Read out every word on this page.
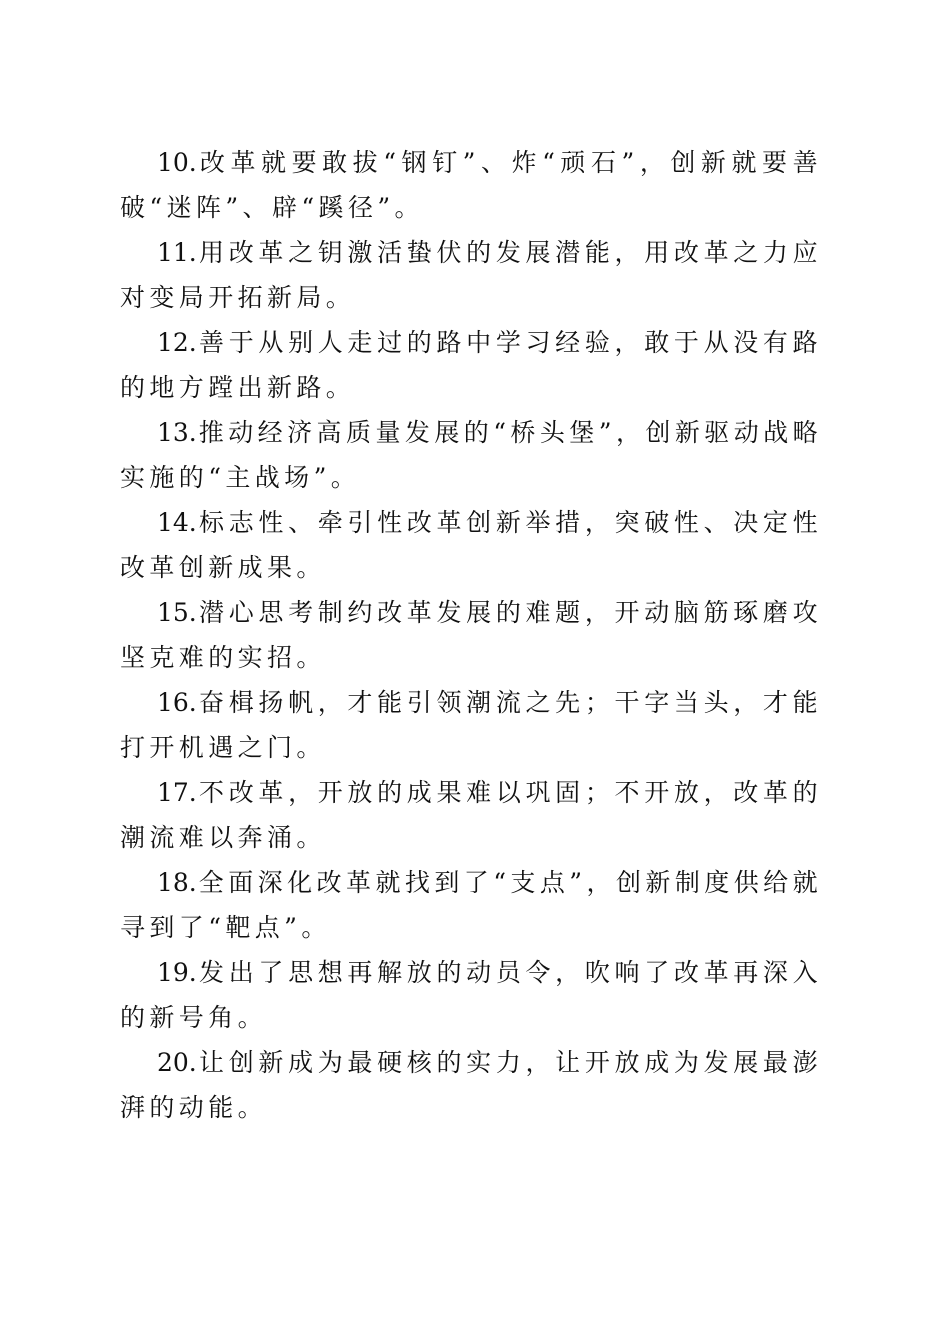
10.改革就要敢拔“钢钉”、炸“顽石”，创新就要善破“迷阵”、辟“蹊径”。

11.用改革之钥激活蛰伏的发展潜能，用改革之力应对变局开拓新局。

12.善于从别人走过的路中学习经验，敢于从没有路的地方蹚出新路。

13.推动经济高质量发展的“桥头堡”，创新驱动战略实施的“主战场”。

14.标志性、牵引性改革创新举措，突破性、决定性改革创新成果。

15.潜心思考制约改革发展的难题，开动脑筋琢磨攻坚克难的实招。

16.奋楫扬帆，才能引领潮流之先；干字当头，才能打开机遇之门。

17.不改革，开放的成果难以巩固；不开放，改革的潮流难以奔涌。

18.全面深化改革就找到了“支点”，创新制度供给就寻到了“靶点”。

19.发出了思想再解放的动员令，吹响了改革再深入的新号角。

20.让创新成为最硬核的实力，让开放成为发展最澎湃的动能。
